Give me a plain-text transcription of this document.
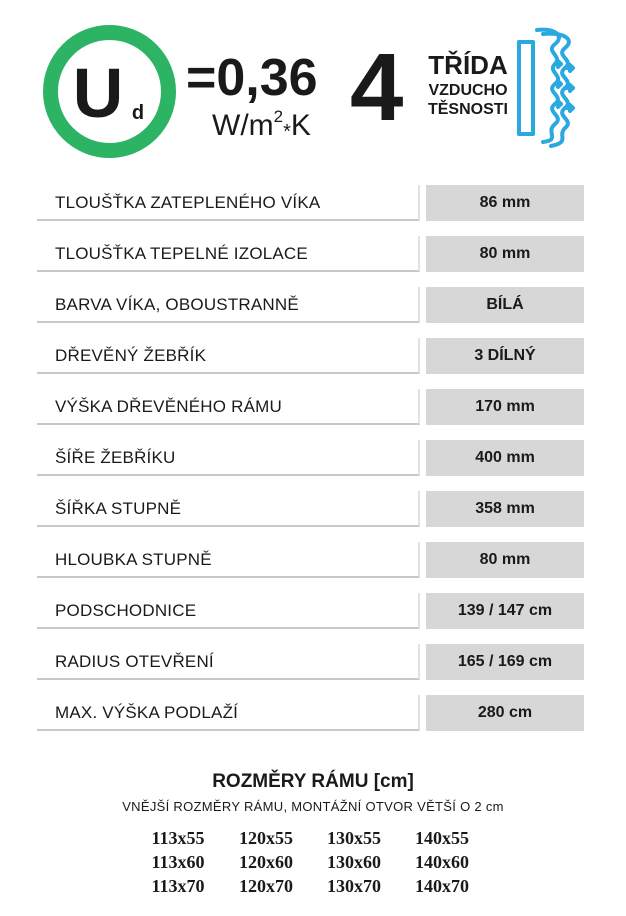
U d
=0,36
$W/m^2*K$ 4 TŘÍDA
VZDUCHO
TĚSNOSTI
TLOUŠŤKA ZATEPLENÉHO VÍKA	86 mm
TLOUŠŤKA TEPELNÉ IZOLACE	80 mm
BARVA VÍKA, OBOUSTRANNĚ	BÍLÁ
DŘEVĚNÝ ŽEBŘÍK	3 DÍLNÝ
VÝŠKA DŘEVĚNÉHO RÁMU	170 mm
ŠÍŘE ŽEBŘÍKU	400 mm
ŠÍŘKA STUPNĚ	358 mm
HLOUBKA STUPNĚ	80 mm
PODSCHODNICE	139 / 147 cm
RADIUS OTEVŘENÍ	165 / 169 cm
MAX. VÝŠKA PODLAŽÍ	280 cm
ROZMĚRY RÁMU [cm]
VNĚJŠÍ ROZMĚRY RÁMU, MONTÁŽNÍ OTVOR VĚTŠÍ O 2 cm
113x55	120x55	130x55	140x55
113x60	120x60	130x60	140x60
113x70	120x70	130x70	140x70
